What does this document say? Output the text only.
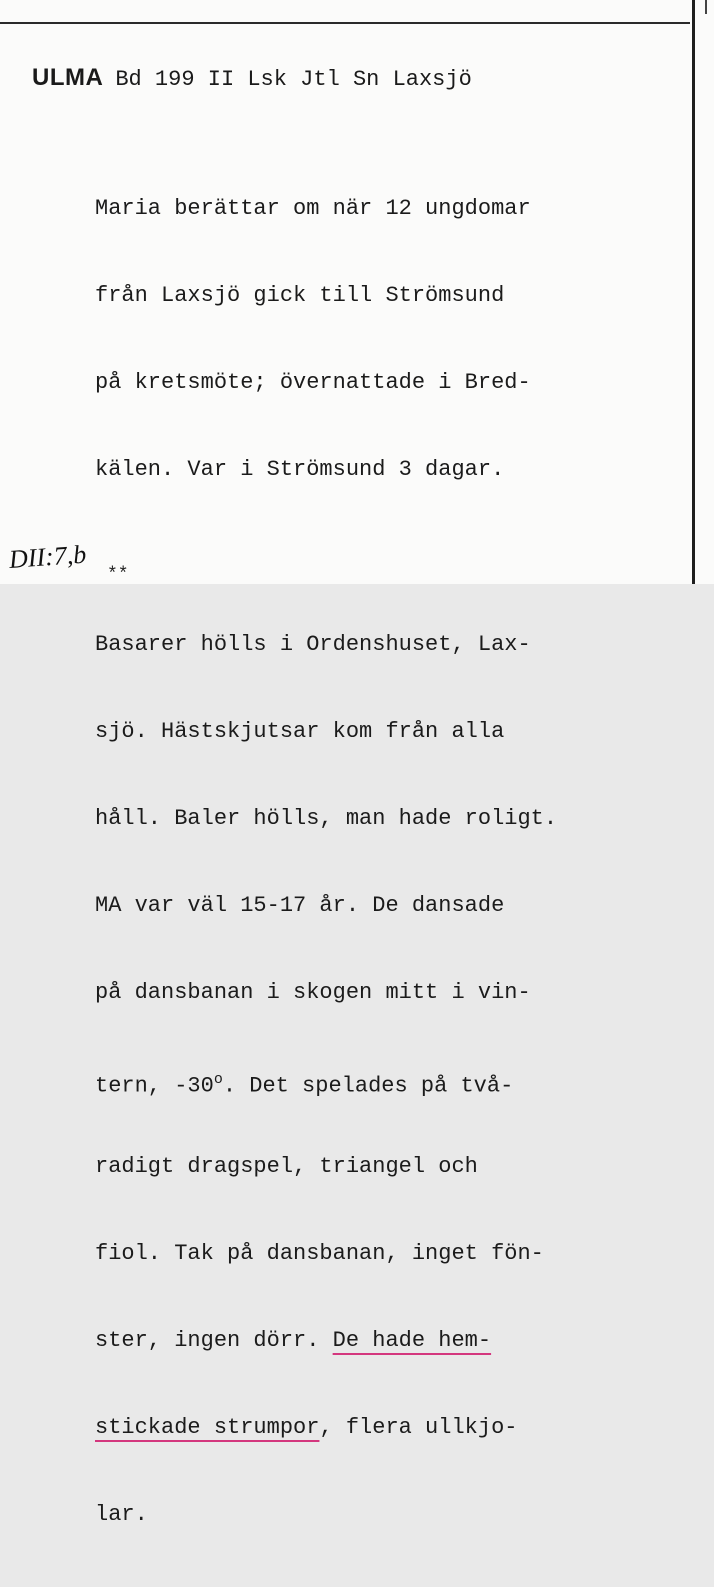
ULMA Bd 199 II Lsk Jtl Sn Laxsjö

Maria berättar om när 12 ungdomar

från Laxsjö gick till Strömsund

på kretsmöte; övernattade i Bred-

kälen. Var i Strömsund 3 dagar.

Basarer hölls i Ordenshuset, Lax-

sjö. Hästskjutsar kom från alla

håll. Baler hölls, man hade roligt.

MA var väl 15-17 år. De dansade

på dansbanan i skogen mitt i vin-

tern, -30$^o$. Det spelades på två-

radigt dragspel, triangel och

fiol. Tak på dansbanan, inget fön-

ster, ingen dörr. De hade hem-

stickade strumpor, flera ullkjo-

lar.

DII:7,b
**
